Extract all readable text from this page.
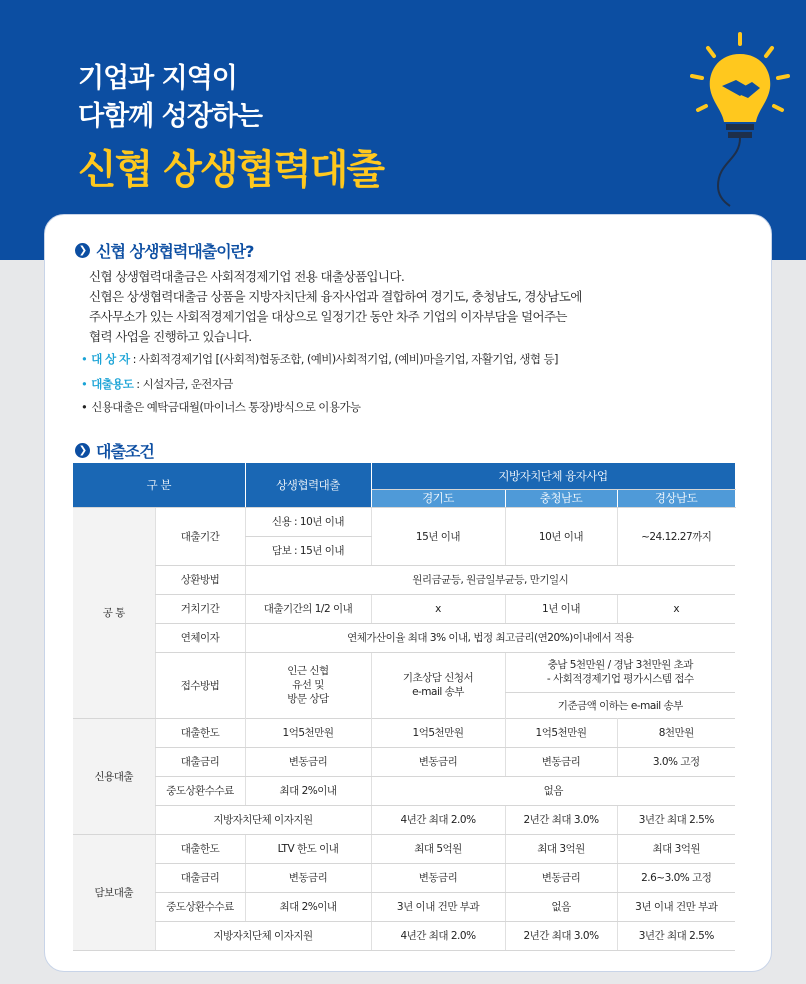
기업과 지역이
다함께 성장하는
신협 상생협력대출
❯ 신협 상생협력대출이란?
신협 상생협력대출금은 사회적경제기업 전용 대출상품입니다.
신협은 상생협력대출금 상품을 지방자치단체 융자사업과 결합하여 경기도, 충청남도, 경상남도에
주사무소가 있는 사회적경제기업을 대상으로 일정기간 동안 차주 기업의 이자부담을 덜어주는
협력 사업을 진행하고 있습니다.
• 대 상 자 : 사회적경제기업 [(사회적)협동조합, (예비)사회적기업, (예비)마을기업, 자활기업, 생협 등]
• 대출용도 : 시설자금, 운전자금
• 신용대출은 예탁금대월(마이너스 통장)방식으로 이용가능
❯ 대출조건
구 분		상생협력대출	지방자치단체 융자사업		
			경기도	충청남도	경상남도
공 통	대출기간	신용 : 10년 이내	15년 이내	10년 이내	~24.12.27까지
		담보 : 15년 이내			
	상환방법	원리금균등, 원금일부균등, 만기일시			
	거치기간	대출기간의 1/2 이내	x	1년 이내	x
	연체이자	연체가산이율 최대 3% 이내, 법정 최고금리(연20%)이내에서 적용			
	접수방법	인근 신협
유선 및
방문 상담	기초상담 신청서
e-mail 송부	충남 5천만원 / 경남 3천만원 초과
- 사회적경제기업 평가시스템 접수	
				기준금액 이하는 e-mail 송부	

신용대출	대출한도	1억5천만원	1억5천만원	1억5천만원	8천만원
	대출금리	변동금리	변동금리	변동금리	3.0% 고정
	중도상환수수료	최대 2%이내	없음		
	지방자치단체 이자지원		4년간 최대 2.0%	2년간 최대 3.0%	3년간 최대 2.5%
담보대출	대출한도	LTV 한도 이내	최대 5억원	최대 3억원	최대 3억원
	대출금리	변동금리	변동금리	변동금리	2.6~3.0% 고정
	중도상환수수료	최대 2%이내	3년 이내 건만 부과	없음	3년 이내 건만 부과
	지방자치단체 이자지원		4년간 최대 2.0%	2년간 최대 3.0%	3년간 최대 2.5%
